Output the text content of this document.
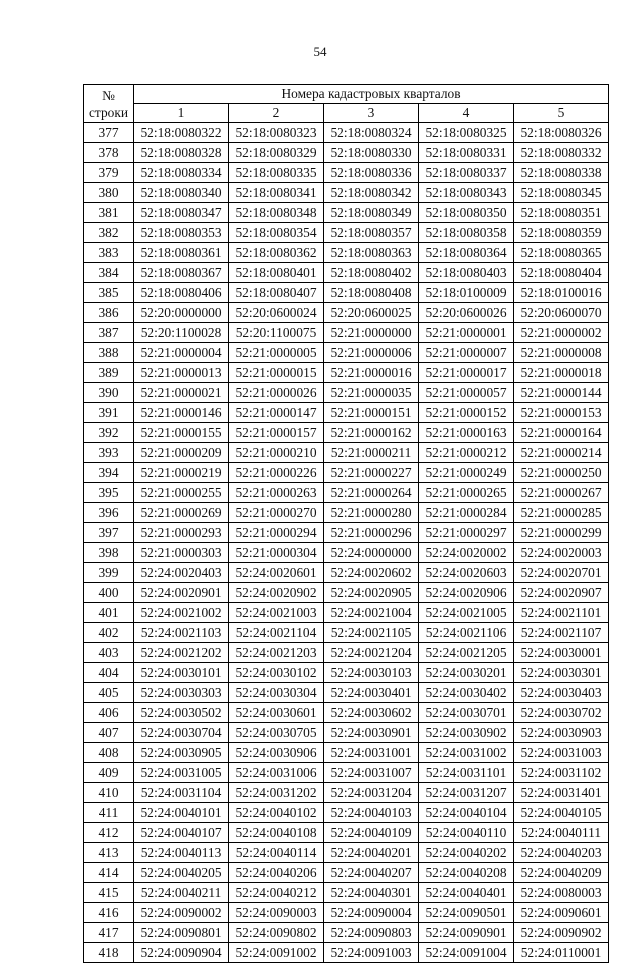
54
№
строки	Номера кадастровых кварталов				
	1	2	3	4	5
377	52:18:0080322	52:18:0080323	52:18:0080324	52:18:0080325	52:18:0080326
378	52:18:0080328	52:18:0080329	52:18:0080330	52:18:0080331	52:18:0080332
379	52:18:0080334	52:18:0080335	52:18:0080336	52:18:0080337	52:18:0080338
380	52:18:0080340	52:18:0080341	52:18:0080342	52:18:0080343	52:18:0080345
381	52:18:0080347	52:18:0080348	52:18:0080349	52:18:0080350	52:18:0080351
382	52:18:0080353	52:18:0080354	52:18:0080357	52:18:0080358	52:18:0080359
383	52:18:0080361	52:18:0080362	52:18:0080363	52:18:0080364	52:18:0080365
384	52:18:0080367	52:18:0080401	52:18:0080402	52:18:0080403	52:18:0080404
385	52:18:0080406	52:18:0080407	52:18:0080408	52:18:0100009	52:18:0100016
386	52:20:0000000	52:20:0600024	52:20:0600025	52:20:0600026	52:20:0600070
387	52:20:1100028	52:20:1100075	52:21:0000000	52:21:0000001	52:21:0000002
388	52:21:0000004	52:21:0000005	52:21:0000006	52:21:0000007	52:21:0000008
389	52:21:0000013	52:21:0000015	52:21:0000016	52:21:0000017	52:21:0000018
390	52:21:0000021	52:21:0000026	52:21:0000035	52:21:0000057	52:21:0000144
391	52:21:0000146	52:21:0000147	52:21:0000151	52:21:0000152	52:21:0000153
392	52:21:0000155	52:21:0000157	52:21:0000162	52:21:0000163	52:21:0000164
393	52:21:0000209	52:21:0000210	52:21:0000211	52:21:0000212	52:21:0000214
394	52:21:0000219	52:21:0000226	52:21:0000227	52:21:0000249	52:21:0000250
395	52:21:0000255	52:21:0000263	52:21:0000264	52:21:0000265	52:21:0000267
396	52:21:0000269	52:21:0000270	52:21:0000280	52:21:0000284	52:21:0000285
397	52:21:0000293	52:21:0000294	52:21:0000296	52:21:0000297	52:21:0000299
398	52:21:0000303	52:21:0000304	52:24:0000000	52:24:0020002	52:24:0020003
399	52:24:0020403	52:24:0020601	52:24:0020602	52:24:0020603	52:24:0020701
400	52:24:0020901	52:24:0020902	52:24:0020905	52:24:0020906	52:24:0020907
401	52:24:0021002	52:24:0021003	52:24:0021004	52:24:0021005	52:24:0021101
402	52:24:0021103	52:24:0021104	52:24:0021105	52:24:0021106	52:24:0021107
403	52:24:0021202	52:24:0021203	52:24:0021204	52:24:0021205	52:24:0030001
404	52:24:0030101	52:24:0030102	52:24:0030103	52:24:0030201	52:24:0030301
405	52:24:0030303	52:24:0030304	52:24:0030401	52:24:0030402	52:24:0030403
406	52:24:0030502	52:24:0030601	52:24:0030602	52:24:0030701	52:24:0030702
407	52:24:0030704	52:24:0030705	52:24:0030901	52:24:0030902	52:24:0030903
408	52:24:0030905	52:24:0030906	52:24:0031001	52:24:0031002	52:24:0031003
409	52:24:0031005	52:24:0031006	52:24:0031007	52:24:0031101	52:24:0031102
410	52:24:0031104	52:24:0031202	52:24:0031204	52:24:0031207	52:24:0031401
411	52:24:0040101	52:24:0040102	52:24:0040103	52:24:0040104	52:24:0040105
412	52:24:0040107	52:24:0040108	52:24:0040109	52:24:0040110	52:24:0040111
413	52:24:0040113	52:24:0040114	52:24:0040201	52:24:0040202	52:24:0040203
414	52:24:0040205	52:24:0040206	52:24:0040207	52:24:0040208	52:24:0040209
415	52:24:0040211	52:24:0040212	52:24:0040301	52:24:0040401	52:24:0080003
416	52:24:0090002	52:24:0090003	52:24:0090004	52:24:0090501	52:24:0090601
417	52:24:0090801	52:24:0090802	52:24:0090803	52:24:0090901	52:24:0090902
418	52:24:0090904	52:24:0091002	52:24:0091003	52:24:0091004	52:24:0110001
